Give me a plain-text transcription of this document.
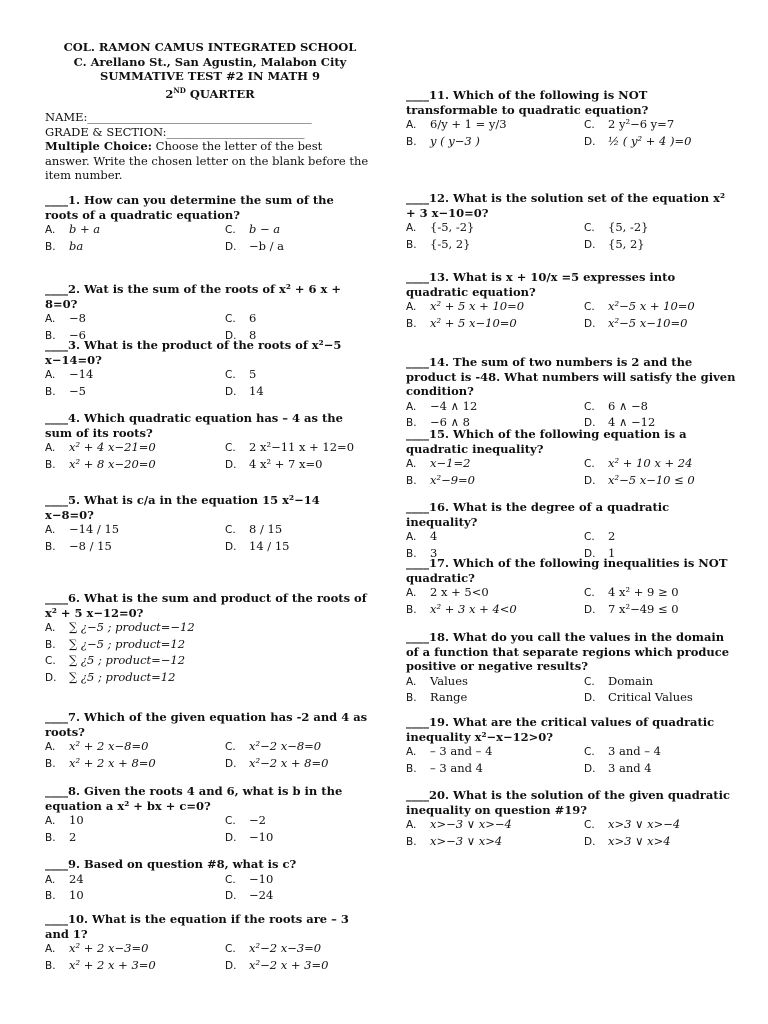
COL. RAMON CAMUS INTEGRATED SCHOOL
C. Arellano St., San Agustin, Malabon City
SUMMATIVE TEST #2 IN MATH 9
2ND QUARTER
NAME:_______________________________________
GRADE & SECTION:________________________
Multiple Choice: Choose the letter of the best answer. Write the chosen letter on the blank before the item number.
____1. How can you determine the sum of the roots of a quadratic equation?
A. b + a	C. b − a
B. ba	D. −b / a
____2. Wat is the sum of the roots of x² + 6 x + 8=0?
A. −8	C. 6
B. −6	D. 8
____3. What is the product of the roots of x²−5 x−14=0?
A. −14	C. 5
B. −5	D. 14
____4. Which quadratic equation has – 4 as the sum of its roots?
A. x² + 4 x−21=0	C. 2 x²−11 x + 12=0
B. x² + 8 x−20=0	D. 4 x² + 7 x=0
____5. What is c/a in the equation 15 x²−14 x−8=0?
A. −14 / 15	C. 8 / 15
B. −8 / 15	D. 14 / 15
____6. What is the sum and product of the roots of x² + 5 x−12=0?
A. ∑ ¿−5 ; product=−12
B. ∑ ¿−5 ; product=12
C. ∑ ¿5 ; product=−12
D. ∑ ¿5 ; product=12
____7. Which of the given equation has -2 and 4 as roots?
A. x² + 2 x−8=0	C. x²−2 x−8=0
B. x² + 2 x + 8=0	D. x²−2 x + 8=0
____8. Given the roots 4 and 6, what is b in the equation a x² + bx + c=0?
A. 10	C. −2
B. 2	D. −10
____9. Based on question #8, what is c?
A. 24	C. −10
B. 10	D. −24
____10. What is the equation if the roots are – 3 and 1?
A. x² + 2 x−3=0	C. x²−2 x−3=0
B. x² + 2 x + 3=0	D. x²−2 x + 3=0
____11. Which of the following is NOT transformable to quadratic equation?
A. 6/y + 1 = y/3	C. 2 y²−6 y=7
B. y ( y−3 )	D. ½ ( y² + 4 )=0
____12. What is the solution set of the equation x² + 3 x−10=0?
A. {-5, -2}	C. {5, -2}
B. {-5, 2}	D. {5, 2}
____13. What is x + 10/x =5 expresses into quadratic equation?
A. x² + 5 x + 10=0	C. x²−5 x + 10=0
B. x² + 5 x−10=0	D. x²−5 x−10=0
____14. The sum of two numbers is 2 and the product is -48. What numbers will satisfy the given condition?
A. −4 ∧ 12	C. 6 ∧ −8
B. −6 ∧ 8	D. 4 ∧ −12
____15. Which of the following equation is a quadratic inequality?
A. x−1=2	C. x² + 10 x + 24
B. x²−9=0	D. x²−5 x−10 ≤ 0
____16. What is the degree of a quadratic inequality?
A. 4	C. 2
B. 3	D. 1
____17. Which of the following inequalities is NOT quadratic?
A. 2 x + 5<0	C. 4 x² + 9 ≥ 0
B. x² + 3 x + 4<0	D. 7 x²−49 ≤ 0
____18. What do you call the values in the domain of a function that separate regions which produce positive or negative results?
A. Values	C. Domain
B. Range	D. Critical Values
____19. What are the critical values of quadratic inequality x²−x−12>0?
A. – 3 and – 4	C. 3 and – 4
B. – 3 and 4	D. 3 and 4
____20. What is the solution of the given quadratic inequality on question #19?
A. x>−3 ∨ x>−4	C. x>3 ∨ x>−4
B. x>−3 ∨ x>4	D. x>3 ∨ x>4
